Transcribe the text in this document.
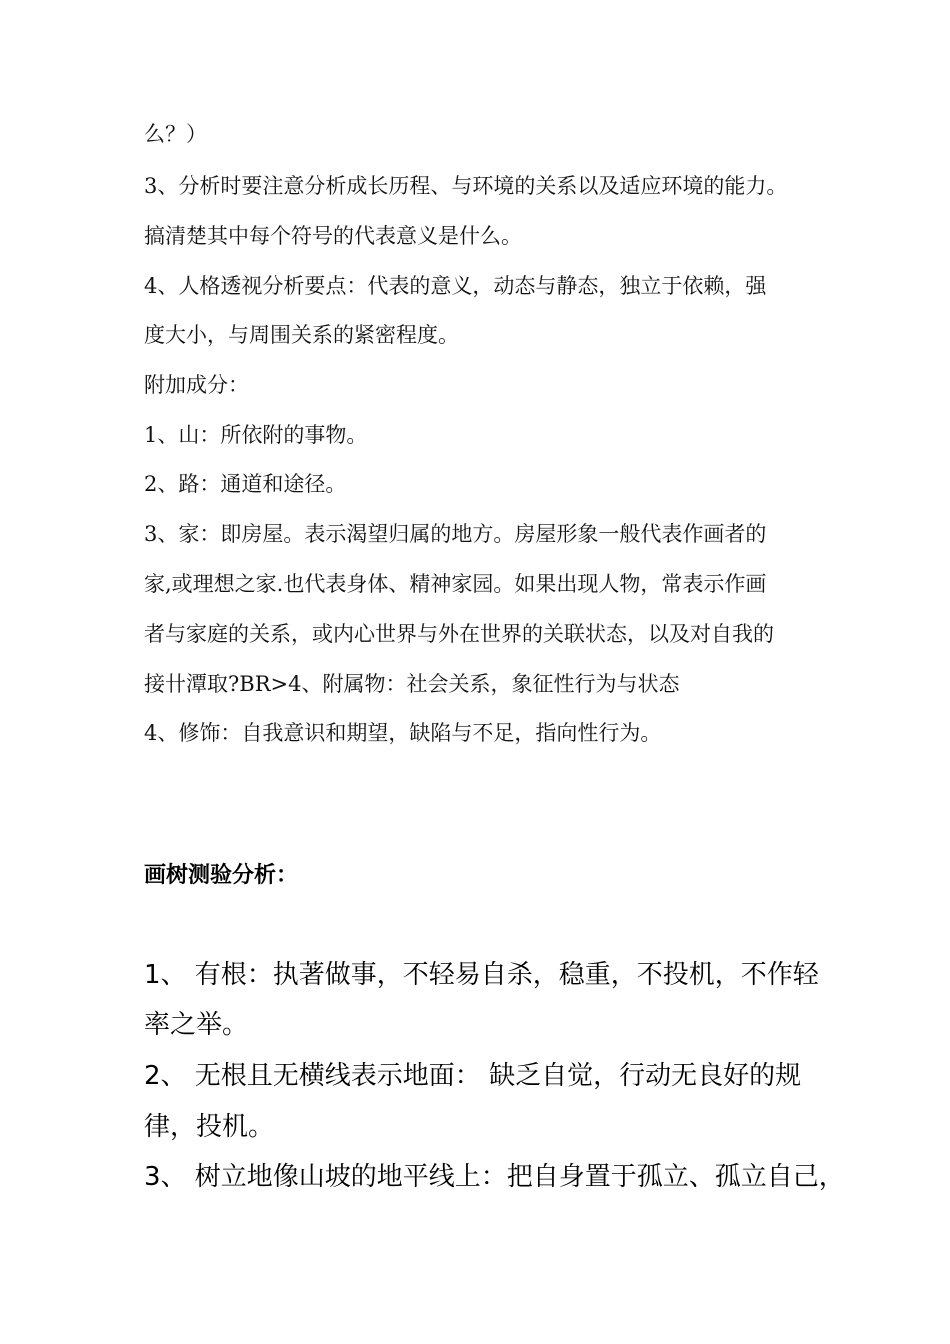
么？）
3、分析时要注意分析成长历程、与环境的关系以及适应环境的能力。
搞清楚其中每个符号的代表意义是什么。
4、人格透视分析要点：代表的意义，动态与静态，独立于依赖，强
度大小，与周围关系的紧密程度。
附加成分：
1、山：所依附的事物。
2、路：通道和途径。
3、家：即房屋。表示渴望归属的地方。房屋形象一般代表作画者的
家,或理想之家.也代表身体、精神家园。如果出现人物，常表示作画
者与家庭的关系，或内心世界与外在世界的关联状态，以及对自我的
接卄潭取?BR>4、附属物：社会关系，象征性行为与状态
4、修饰：自我意识和期望，缺陷与不足，指向性行为。
画树测验分析：
1、 有根：执著做事，不轻易自杀，稳重，不投机，不作轻
率之举。
2、 无根且无横线表示地面： 缺乏自觉，行动无良好的规
律，投机。
3、 树立地像山坡的地平线上：把自身置于孤立、孤立自己，
